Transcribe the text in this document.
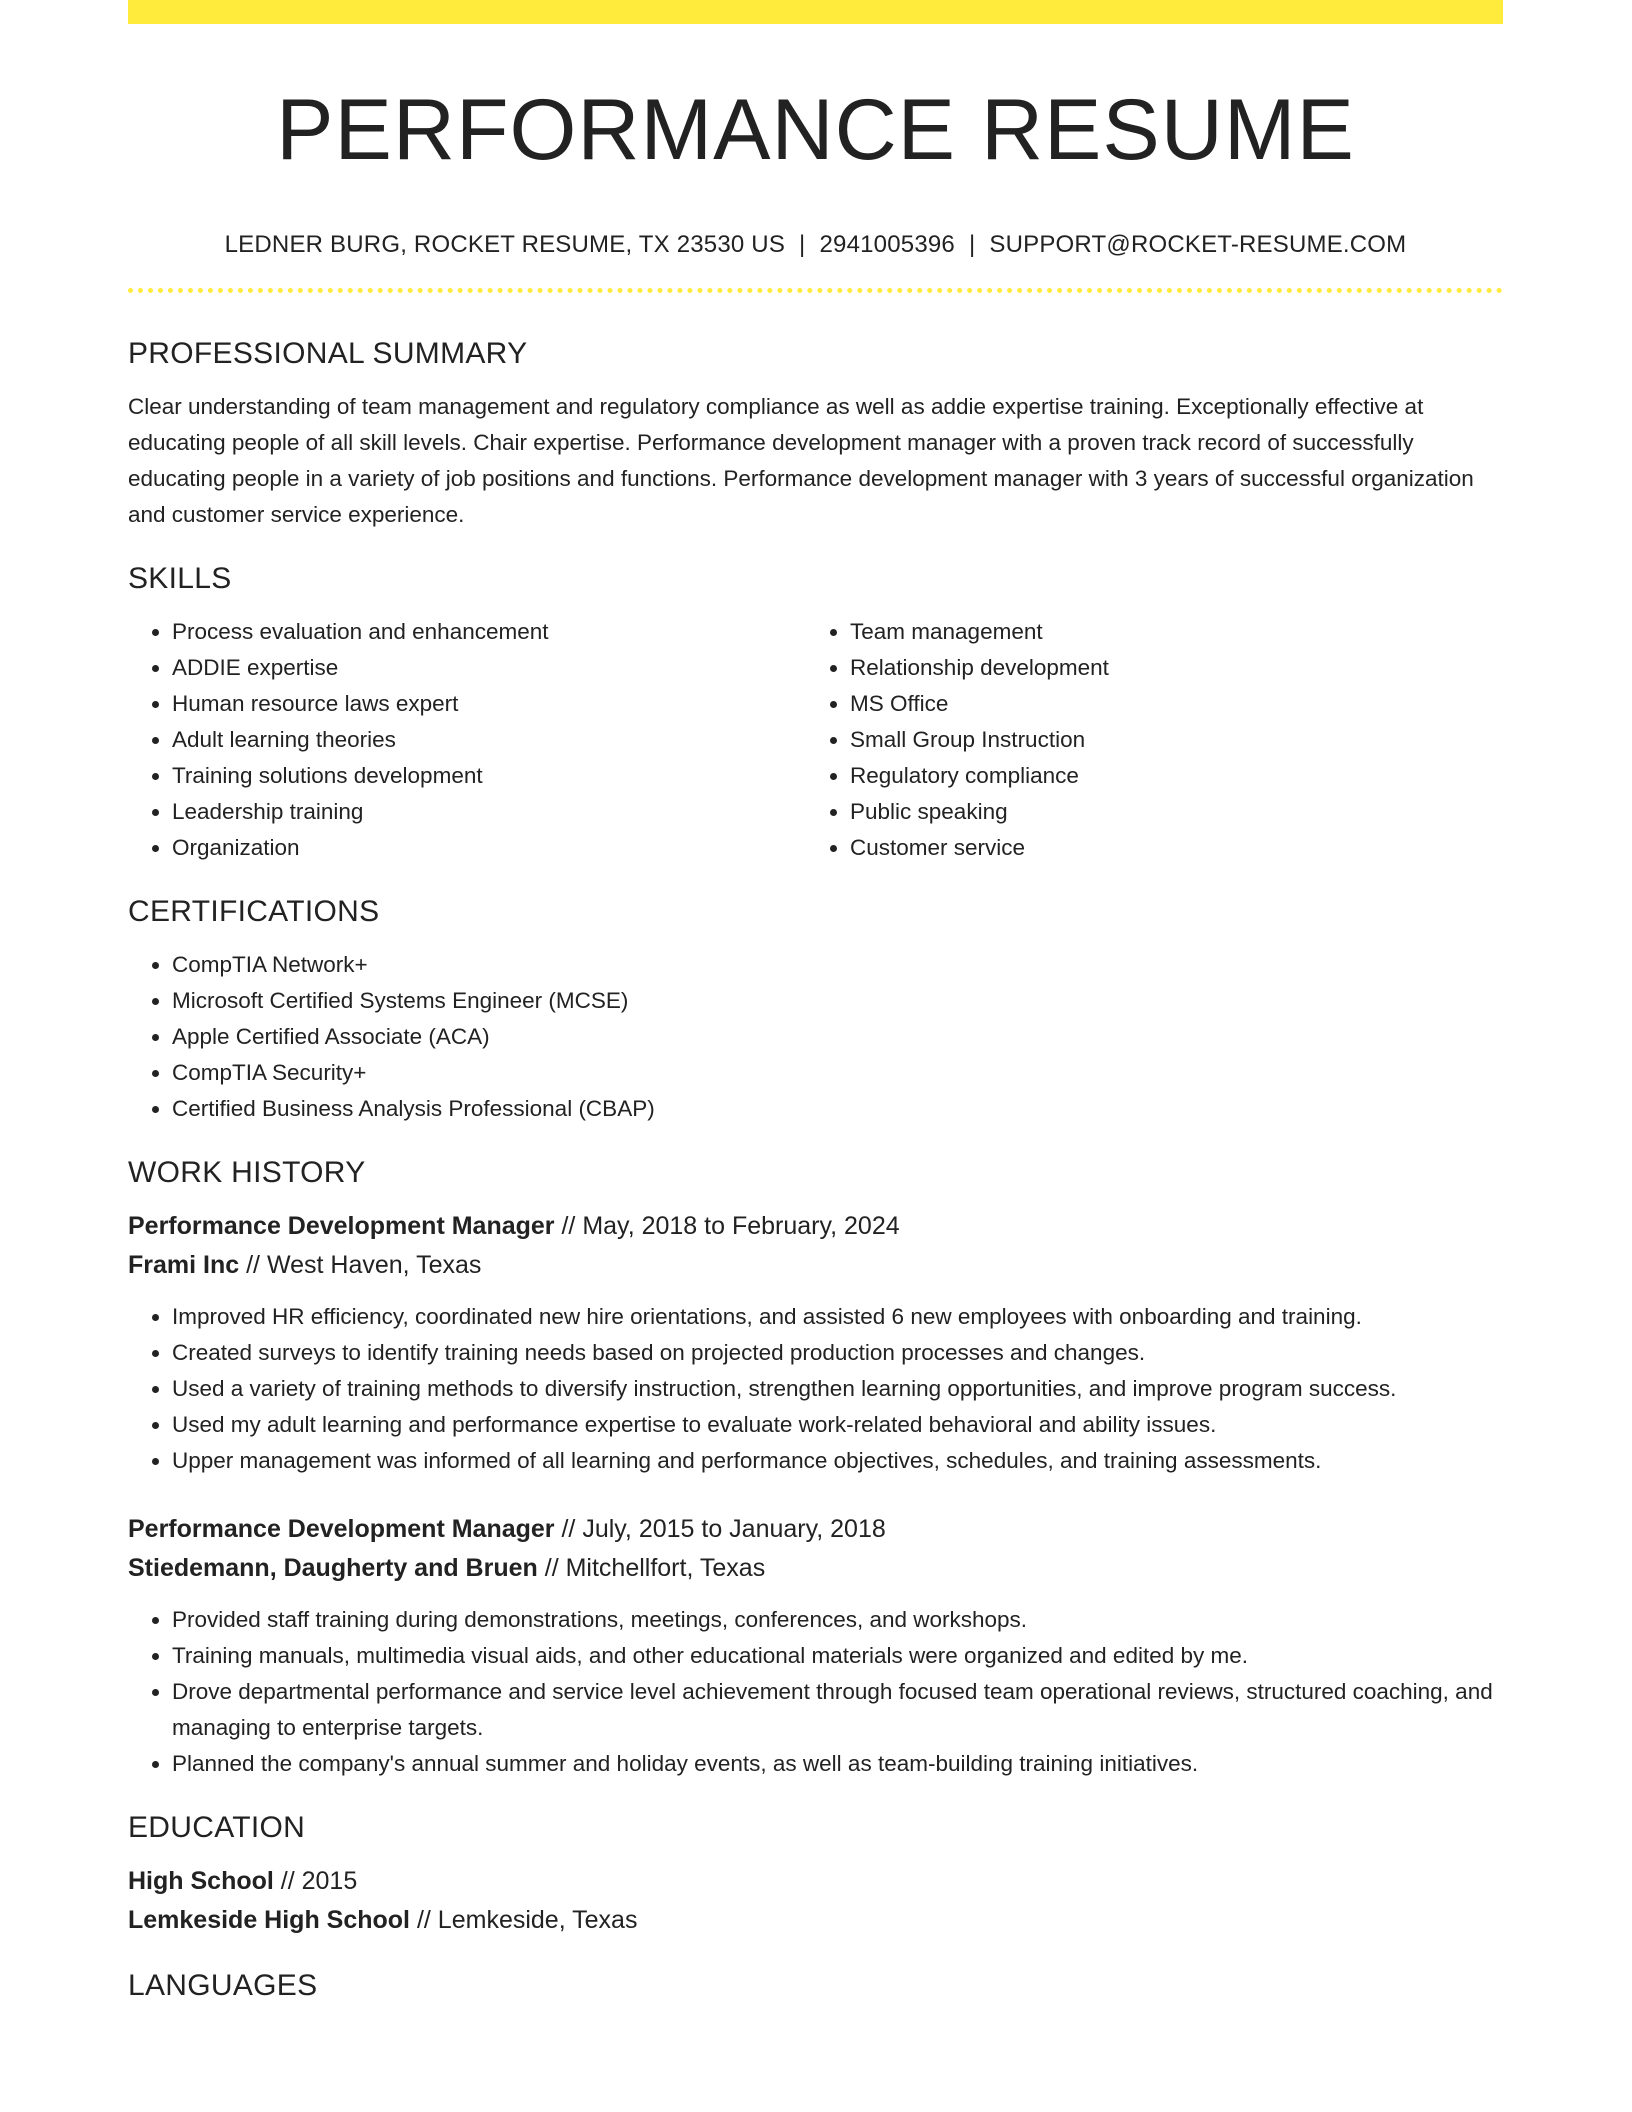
PERFORMANCE RESUME
LEDNER BURG, ROCKET RESUME, TX 23530 US | 2941005396 | SUPPORT@ROCKET-RESUME.COM
PROFESSIONAL SUMMARY

Clear understanding of team management and regulatory compliance as well as addie expertise training. Exceptionally effective at educating people of all skill levels. Chair expertise. Performance development manager with a proven track record of successfully educating people in a variety of job positions and functions. Performance development manager with 3 years of successful organization and customer service experience.

SKILLS
• Process evaluation and enhancement
• ADDIE expertise
• Human resource laws expert
• Adult learning theories
• Training solutions development
• Leadership training
• Organization
• Team management
• Relationship development
• MS Office
• Small Group Instruction
• Regulatory compliance
• Public speaking
• Customer service
CERTIFICATIONS
• CompTIA Network+
• Microsoft Certified Systems Engineer (MCSE)
• Apple Certified Associate (ACA)
• CompTIA Security+
• Certified Business Analysis Professional (CBAP)
WORK HISTORY
Performance Development Manager // May, 2018 to February, 2024
Frami Inc // West Haven, Texas
• Improved HR efficiency, coordinated new hire orientations, and assisted 6 new employees with onboarding and training.
• Created surveys to identify training needs based on projected production processes and changes.
• Used a variety of training methods to diversify instruction, strengthen learning opportunities, and improve program success.
• Used my adult learning and performance expertise to evaluate work-related behavioral and ability issues.
• Upper management was informed of all learning and performance objectives, schedules, and training assessments.
Performance Development Manager // July, 2015 to January, 2018
Stiedemann, Daugherty and Bruen // Mitchellfort, Texas
• Provided staff training during demonstrations, meetings, conferences, and workshops.
• Training manuals, multimedia visual aids, and other educational materials were organized and edited by me.
• Drove departmental performance and service level achievement through focused team operational reviews, structured coaching, and managing to enterprise targets.
• Planned the company's annual summer and holiday events, as well as team-building training initiatives.
EDUCATION
High School // 2015
Lemkeside High School // Lemkeside, Texas
LANGUAGES
